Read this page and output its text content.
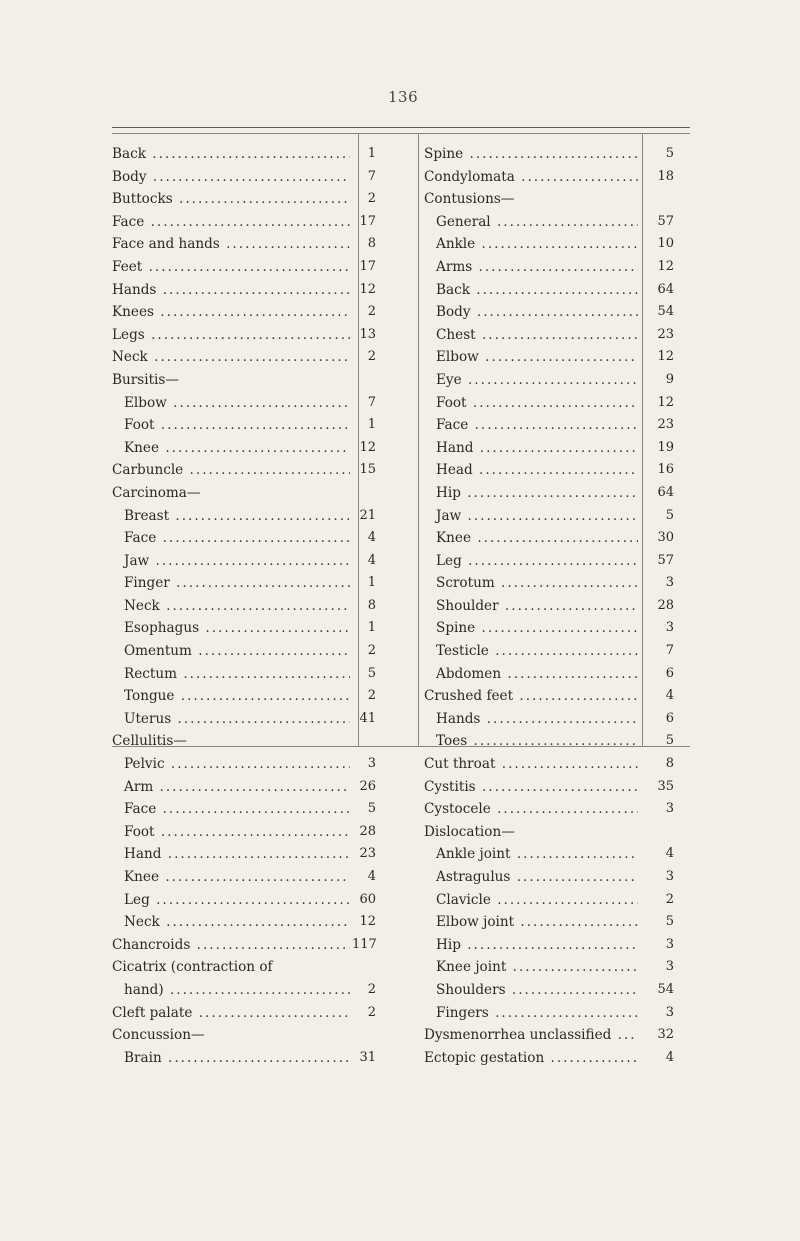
136
Back .....	1
Body .....	7
Buttocks .....	2
Face .....	17
Face and hands .....	8
Feet .....	17
Hands .....	12
Knees .....	2
Legs .....	13
Neck .....	2
Bursitis—
Elbow .....	7
Foot .....	1
Knee .....	12
Carbuncle .....	15
Carcinoma—
Breast .....	21
Face .....	4
Jaw .....	4
Finger .....	1
Neck .....	8
Esophagus .....	1
Omentum .....	2
Rectum .....	5
Tongue .....	2
Uterus .....	41
Cellulitis—
Pelvic .....	3
Arm .....	26
Face .....	5
Foot .....	28
Hand .....	23
Knee .....	4
Leg .....	60
Neck .....	12
Chancroids .....	117
Cicatrix (contraction of
hand) .....	2
Cleft palate .....	2
Concussion—
Brain .....	31
Spine .....	5
Condylomata .....	18
Contusions—
General .....	57
Ankle .....	10
Arms .....	12
Back .....	64
Body .....	54
Chest .....	23
Elbow .....	12
Eye .....	9
Foot .....	12
Face .....	23
Hand .....	19
Head .....	16
Hip .....	64
Jaw .....	5
Knee .....	30
Leg .....	57
Scrotum .....	3
Shoulder .....	28
Spine .....	3
Testicle .....	7
Abdomen .....	6
Crushed feet .....	4
Hands .....	6
Toes .....	5
Cut throat .....	8
Cystitis .....	35
Cystocele .....	3
Dislocation—
Ankle joint .....	4
Astragulus .....	3
Clavicle .....	2
Elbow joint .....	5
Hip .....	3
Knee joint .....	3
Shoulders .....	54
Fingers .....	3
Dysmenorrhea unclassified .....	32
Ectopic gestation .....	4
